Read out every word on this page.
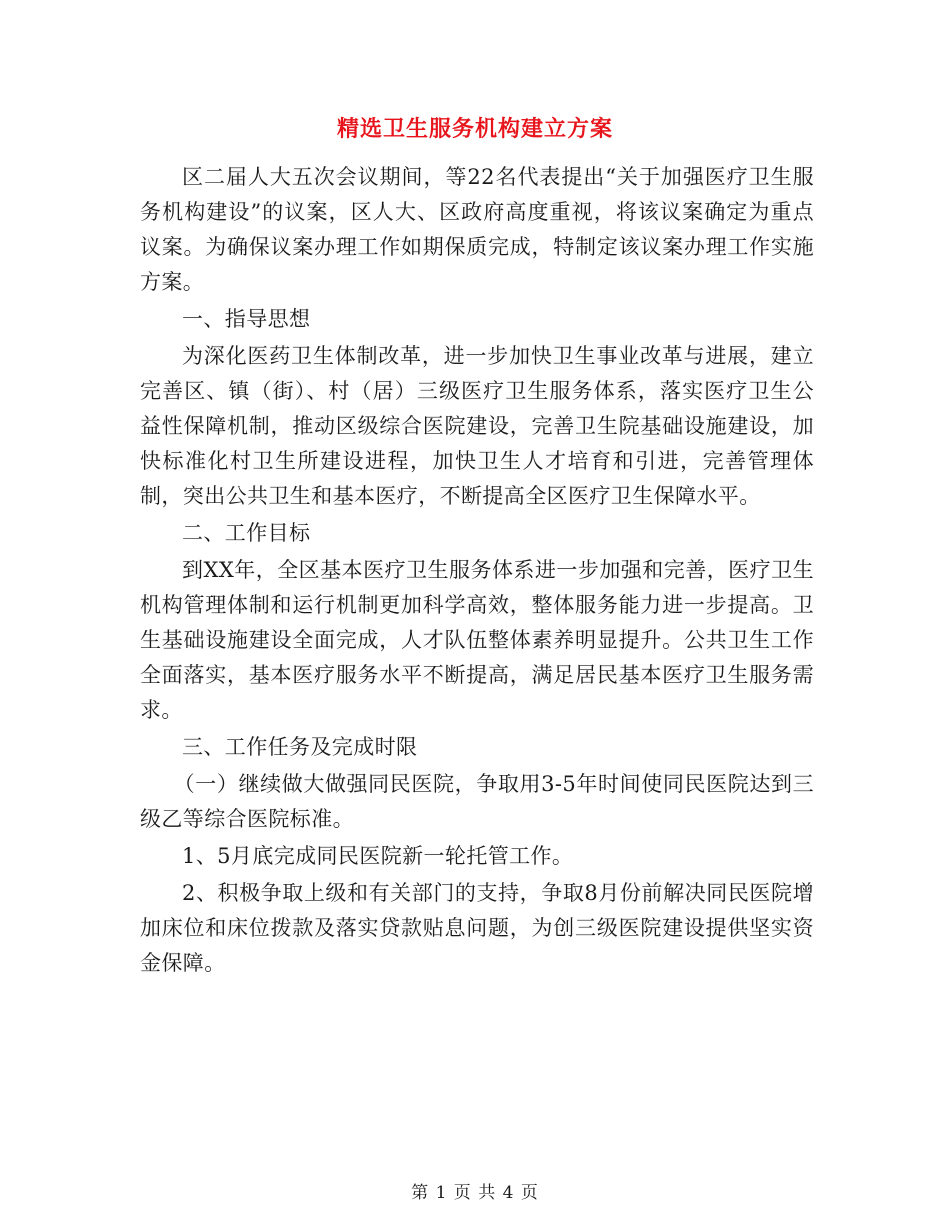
精选卫生服务机构建立方案

区二届人大五次会议期间，等22名代表提出“关于加强医疗卫生服务机构建设”的议案，区人大、区政府高度重视，将该议案确定为重点议案。为确保议案办理工作如期保质完成，特制定该议案办理工作实施方案。

一、指导思想

为深化医药卫生体制改革，进一步加快卫生事业改革与进展，建立完善区、镇（街）、村（居）三级医疗卫生服务体系，落实医疗卫生公益性保障机制，推动区级综合医院建设，完善卫生院基础设施建设，加快标准化村卫生所建设进程，加快卫生人才培育和引进，完善管理体制，突出公共卫生和基本医疗，不断提高全区医疗卫生保障水平。

二、工作目标

到XX年，全区基本医疗卫生服务体系进一步加强和完善，医疗卫生机构管理体制和运行机制更加科学高效，整体服务能力进一步提高。卫生基础设施建设全面完成，人才队伍整体素养明显提升。公共卫生工作全面落实，基本医疗服务水平不断提高，满足居民基本医疗卫生服务需求。

三、工作任务及完成时限

（一）继续做大做强同民医院，争取用3-5年时间使同民医院达到三级乙等综合医院标准。

1、5月底完成同民医院新一轮托管工作。

2、积极争取上级和有关部门的支持，争取8月份前解决同民医院增加床位和床位拨款及落实贷款贴息问题，为创三级医院建设提供坚实资金保障。

第 1 页 共 4 页
